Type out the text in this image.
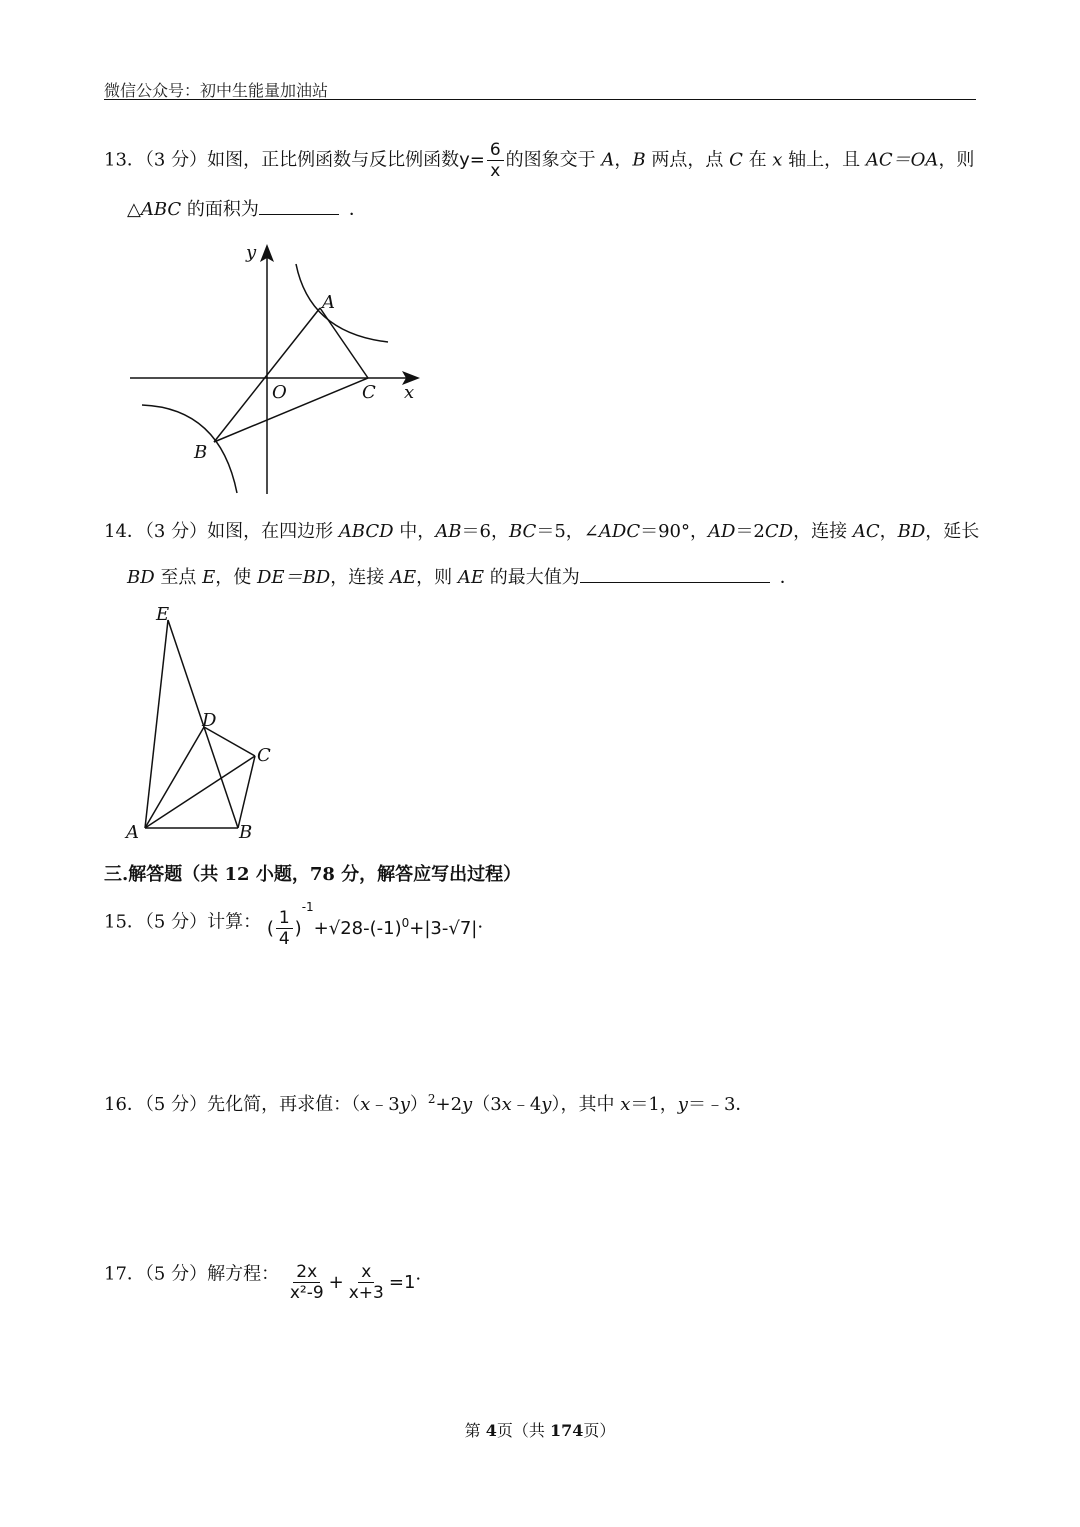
微信公众号：初中生能量加油站
13．（3 分）如图，正比例函数与反比例函数$y= \frac{6}{x}$ 的图象交于 A，B 两点，点 C 在 x 轴上，且 AC＝OA，则
△ABC 的面积为	．
y
x
O
A
C
B
14．（3 分）如图，在四边形 ABCD 中，AB＝6，BC＝5，∠ADC＝90°，AD＝2CD，连接 AC，BD，延长
BD 至点 E，使 DE＝BD，连接 AE，则 AE 的最大值为	．
E
D
C
A	B
三.解答题（共 12 小题，78 分，解答应写出过程）
15．（5 分）计算： ( $\frac{1}{4} )^{-1}+√28-(-1)^0+|3-√7|$.
16．（5 分）先化简，再求值：（x﹣3y）$^2$+2y（3x﹣4y），其中 x＝1，y＝﹣3．
17．（5 分）解方程： $\frac{2x}{\text{x²-9}} + \frac{x}{x+3} =1$.
第 4页（共 174页）
